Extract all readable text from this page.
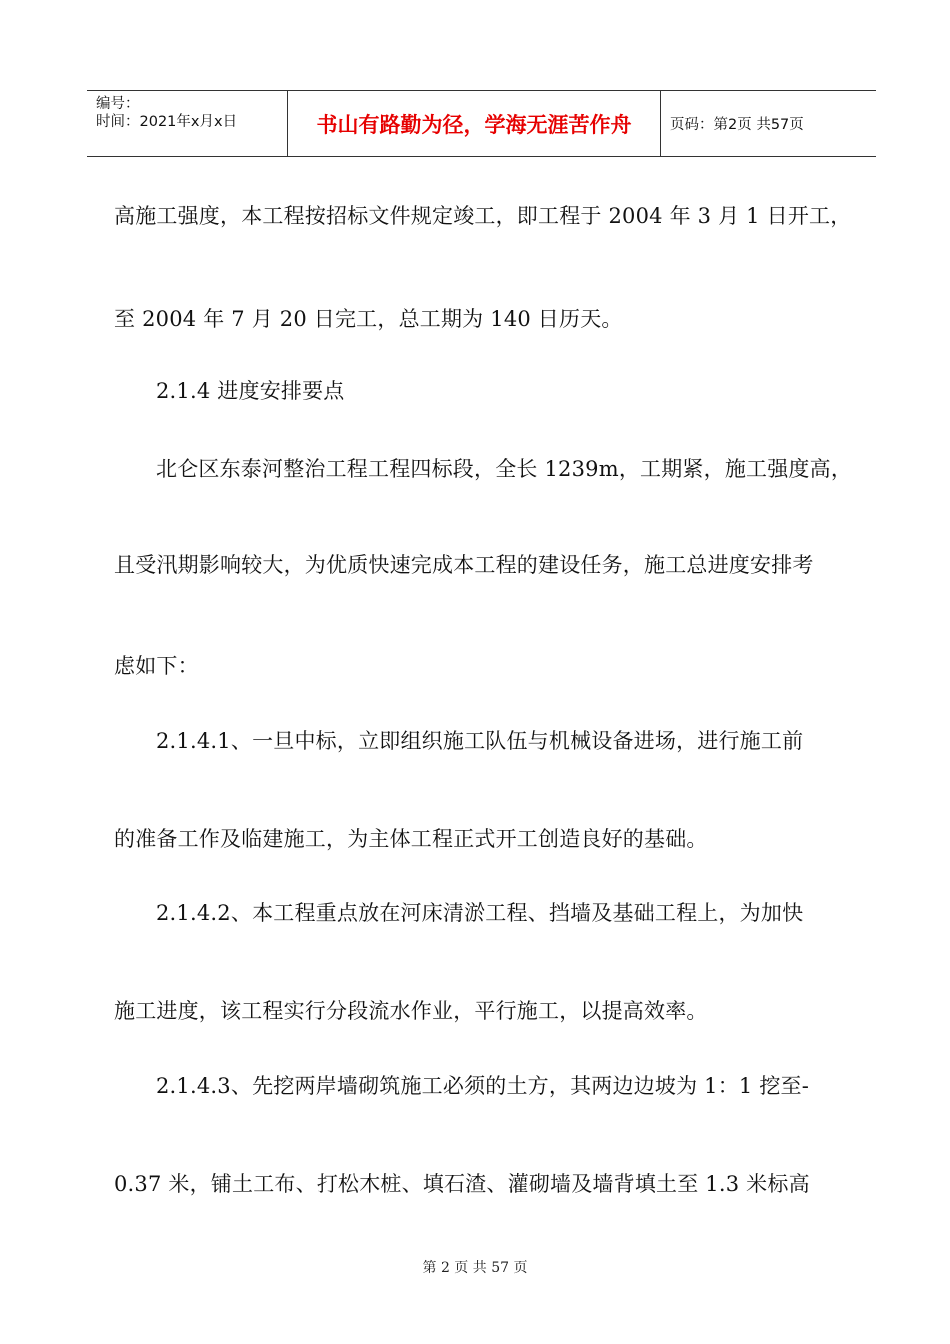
编号：
时间：2021年x月x日	书山有路勤为径，学海无涯苦作舟	页码：第2页 共57页
高施工强度，本工程按招标文件规定竣工，即工程于 2004 年 3 月 1 日开工，
至 2004 年 7 月 20 日完工，总工期为 140 日历天。
2.1.4 进度安排要点
北仑区东泰河整治工程工程四标段，全长 1239m，工期紧，施工强度高，
且受汛期影响较大，为优质快速完成本工程的建设任务，施工总进度安排考
虑如下：
2.1.4.1、一旦中标，立即组织施工队伍与机械设备进场，进行施工前
的准备工作及临建施工，为主体工程正式开工创造良好的基础。
2.1.4.2、本工程重点放在河床清淤工程、挡墙及基础工程上，为加快
施工进度，该工程实行分段流水作业，平行施工，以提高效率。
2.1.4.3、先挖两岸墙砌筑施工必须的土方，其两边边坡为 1：1 挖至-
0.37 米，铺土工布、打松木桩、填石渣、灌砌墙及墙背填土至 1.3 米标高
第 2 页 共 57 页
